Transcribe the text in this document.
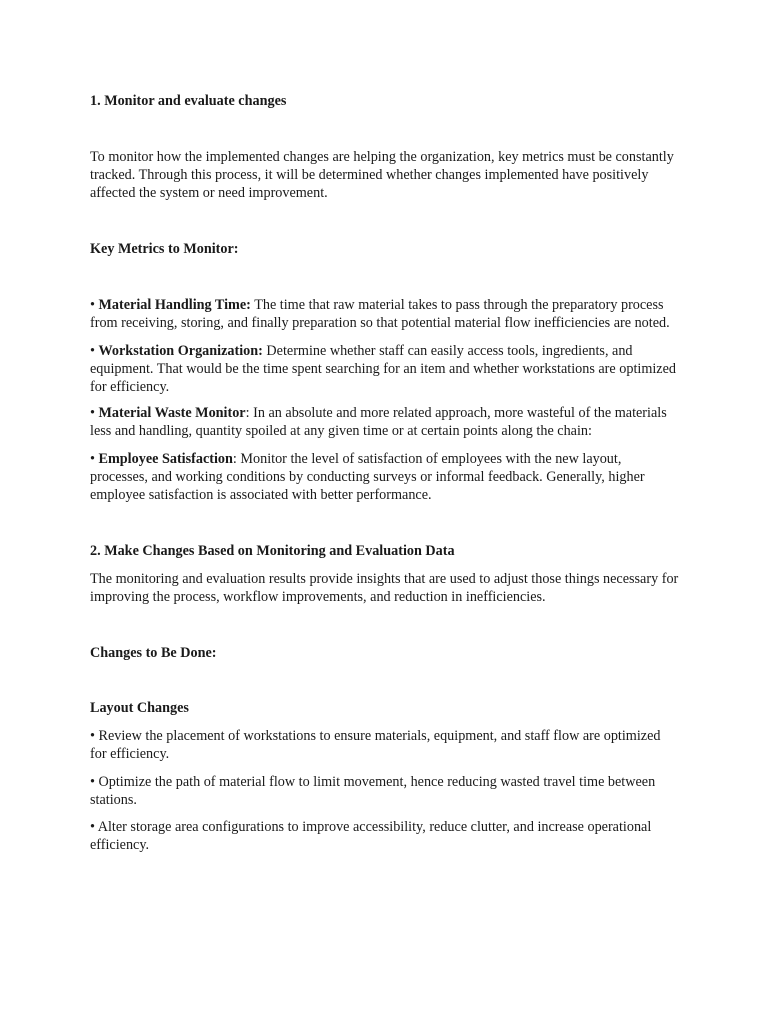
1. Monitor and evaluate changes

To monitor how the implemented changes are helping the organization, key metrics must be constantly tracked. Through this process, it will be determined whether changes implemented have positively affected the system or need improvement.

Key Metrics to Monitor:

• Material Handling Time: The time that raw material takes to pass through the preparatory process from receiving, storing, and finally preparation so that potential material flow inefficiencies are noted.

• Workstation Organization: Determine whether staff can easily access tools, ingredients, and equipment. That would be the time spent searching for an item and whether workstations are optimized for efficiency.

• Material Waste Monitor: In an absolute and more related approach, more wasteful of the materials less and handling, quantity spoiled at any given time or at certain points along the chain:

• Employee Satisfaction: Monitor the level of satisfaction of employees with the new layout, processes, and working conditions by conducting surveys or informal feedback. Generally, higher employee satisfaction is associated with better performance.

2. Make Changes Based on Monitoring and Evaluation Data

The monitoring and evaluation results provide insights that are used to adjust those things necessary for improving the process, workflow improvements, and reduction in inefficiencies.

Changes to Be Done:

Layout Changes

• Review the placement of workstations to ensure materials, equipment, and staff flow are optimized for efficiency.

• Optimize the path of material flow to limit movement, hence reducing wasted travel time between stations.

• Alter storage area configurations to improve accessibility, reduce clutter, and increase operational efficiency.
